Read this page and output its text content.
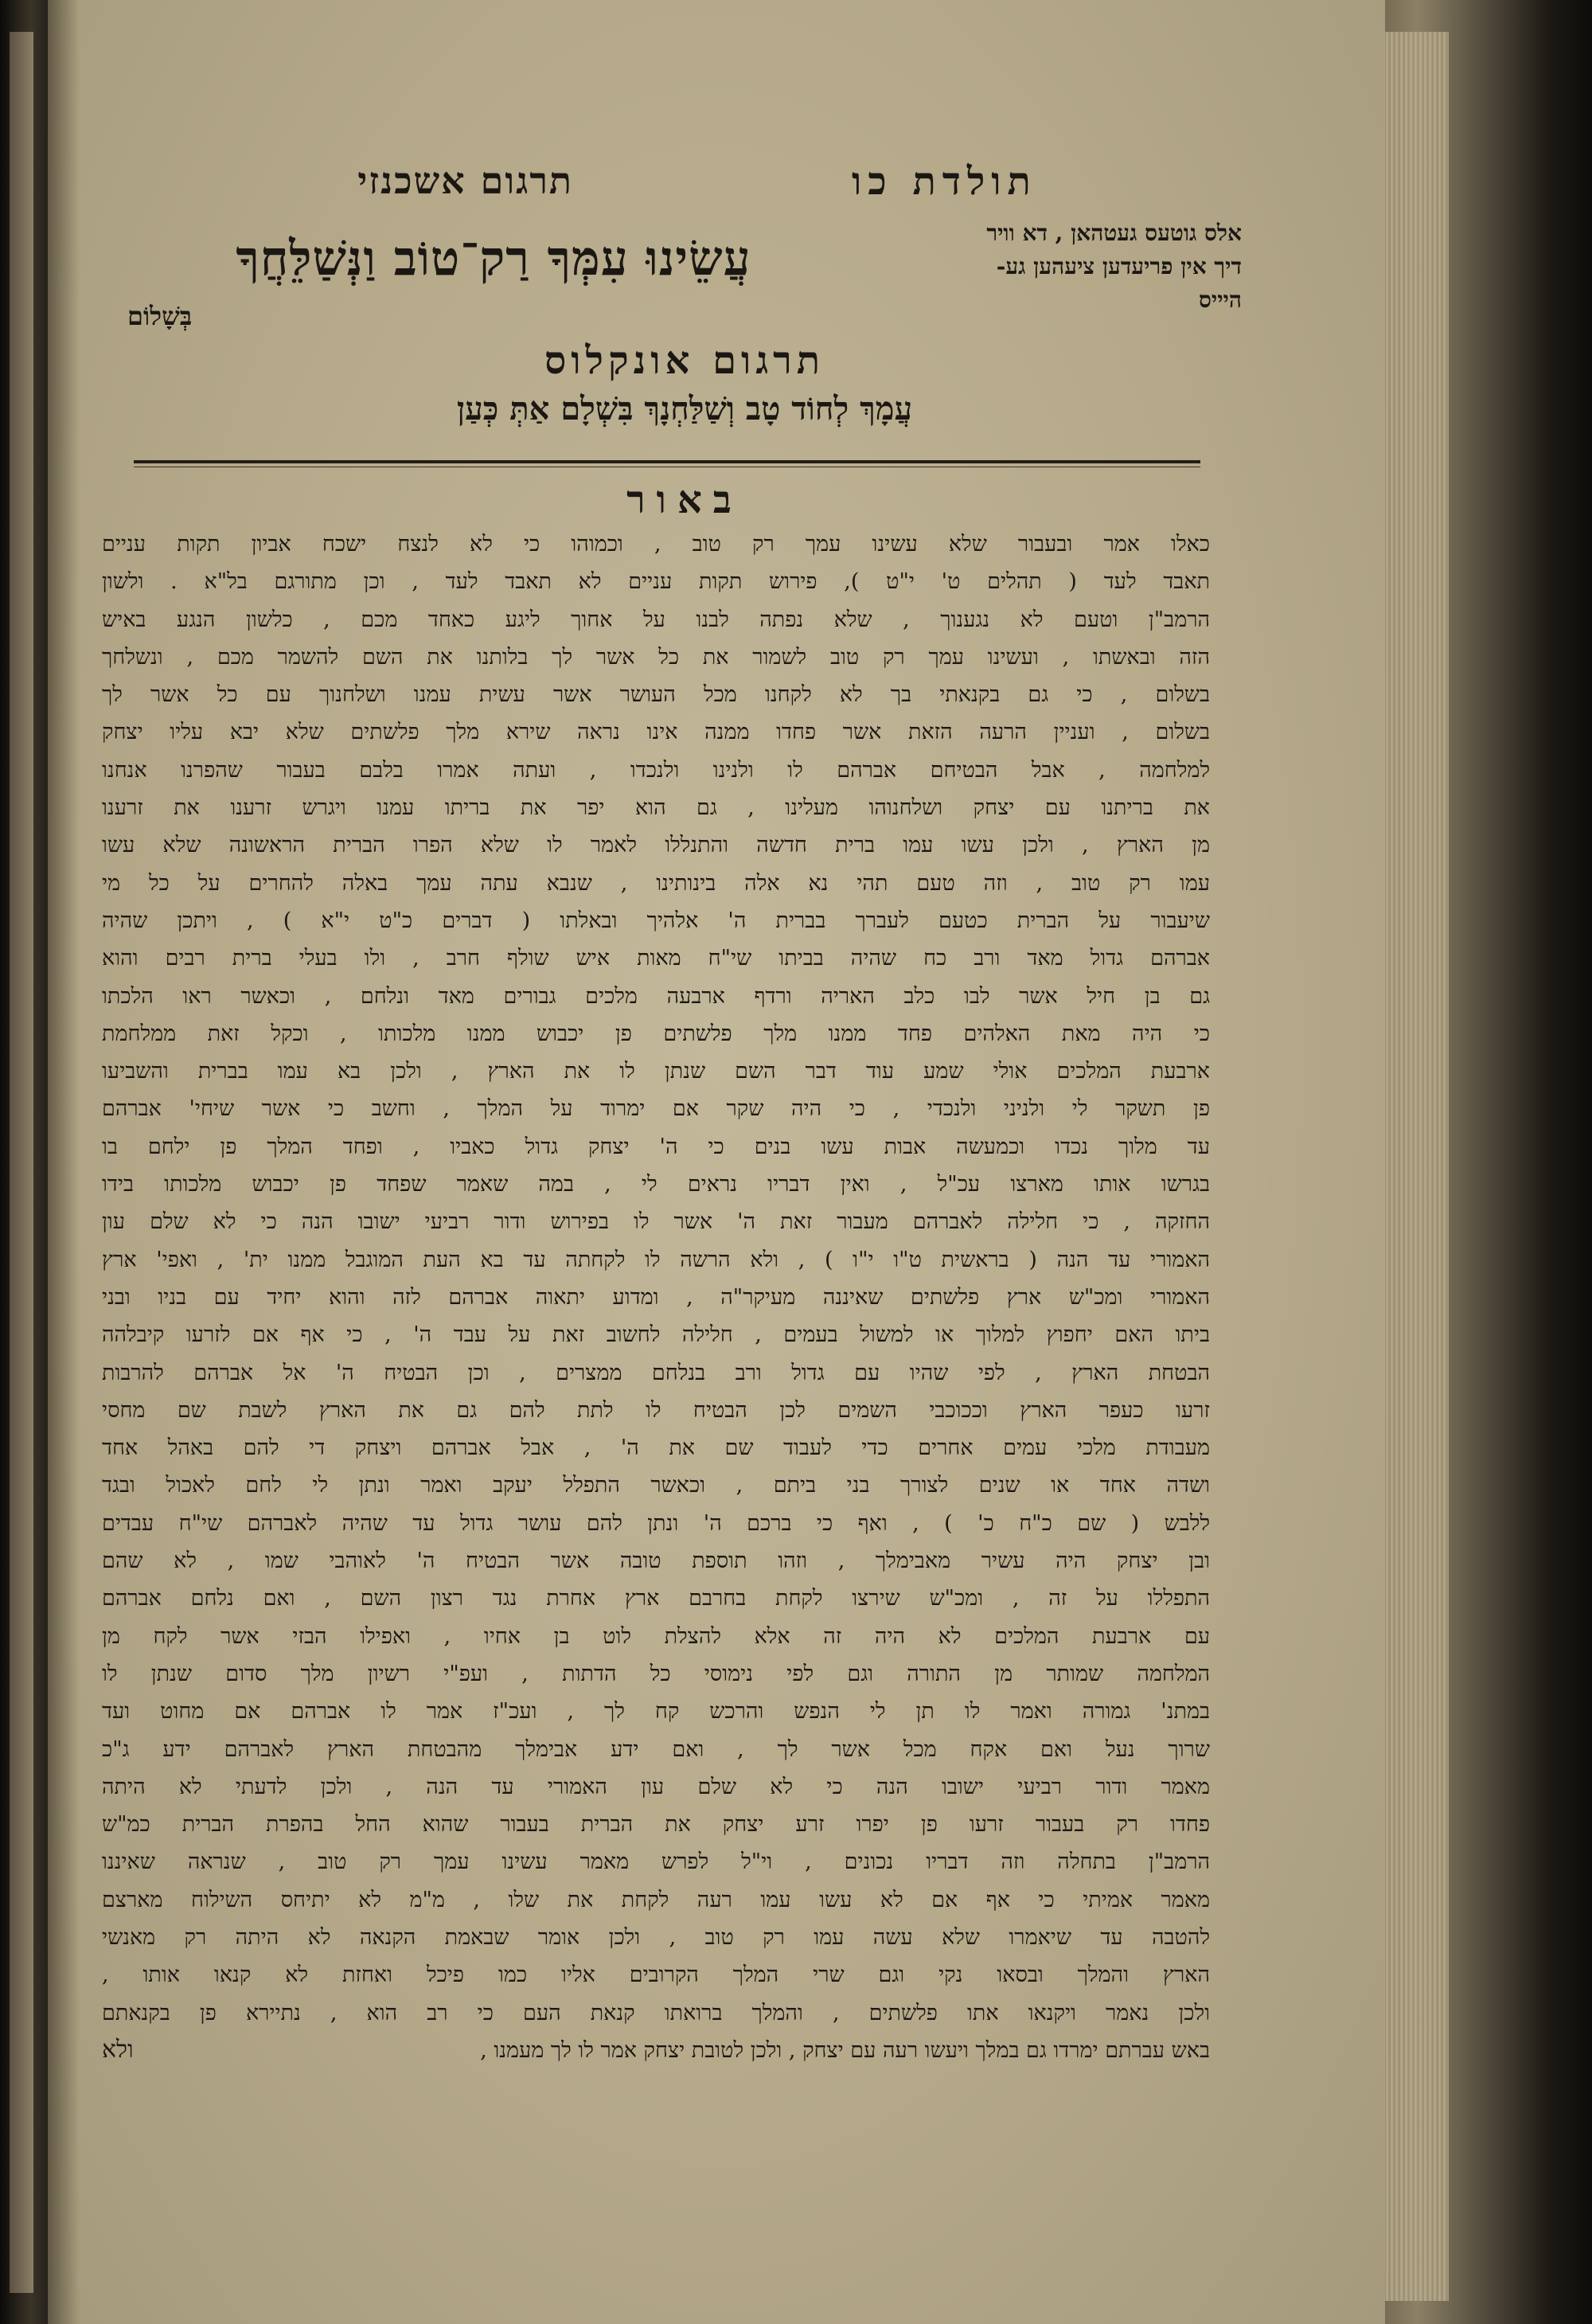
תולדת כו
תרגום אשכנזי
עֲשֵׂינוּ עִמְּךָ רַק־טוֹב וַנְּשַׁלֵּחֲךָ
בְּשָׁלוֹם
אלס גוטעס געטהאן , דא וויר
דיך אין פריעדען ציעהען גע-
היייס
תרגום אונקלוס
עֲמָךְ לְחוֹד טָב וְשַׁלַּחְנָךְ בִּשְׁלָם אַתְּ כְּעַן
באור
כאלו אמר ובעבור שלא עשינו עמך רק טוב , וכמוהו כי לא לנצח ישכח אביון תקות עניים
תאבד לעד ( תהלים ט' י"ט ), פירוש תקות עניים לא תאבד לעד , וכן מתורגם בל"א . ולשון
הרמב"ן וטעם לא נגענוך , שלא נפתה לבנו על אחוך ליגע כאחד מכם , כלשון הנגע באיש
הזה ובאשתו , ועשינו עמך רק טוב לשמור את כל אשר לך בלותנו את השם להשמר מכם , ונשלחך
בשלום , כי גם בקנאתי בך לא לקחנו מכל העושר אשר עשית עמנו ושלחנוך עם כל אשר לך
בשלום , ועניין הרעה הזאת אשר פחדו ממנה אינו נראה שירא מלך פלשתים שלא יבא עליו יצחק
למלחמה , אבל הבטיחם אברהם לו ולנינו ולנכדו , ועתה אמרו בלבם בעבור שהפרנו אנחנו
את בריתנו עם יצחק ושלחנוהו מעלינו , גם הוא יפר את בריתו עמנו ויגרש זרענו את זרענו
מן הארץ , ולכן עשו עמו ברית חדשה והתנללו לאמר לו שלא הפרו הברית הראשונה שלא עשו
עמו רק טוב , וזה טעם תהי נא אלה בינותינו , שנבא עתה עמך באלה להחרים על כל מי
שיעבור על הברית כטעם לעברך בברית ה' אלהיך ובאלתו ( דברים כ"ט י"א ) , ויתכן שהיה
אברהם גדול מאד ורב כח שהיה בביתו שי"ח מאות איש שולף חרב , ולו בעלי ברית רבים והוא
גם בן חיל אשר לבו כלב האריה ורדף ארבעה מלכים גבורים מאד ונלחם , וכאשר ראו הלכתו
כי היה מאת האלהים פחד ממנו מלך פלשתים פן יכבוש ממנו מלכותו , וכקל זאת ממלחמת
ארבעת המלכים אולי שמע עוד דבר השם שנתן לו את הארץ , ולכן בא עמו בברית והשביעו
פן תשקר לי ולניני ולנכדי , כי היה שקר אם ימרוד על המלך , וחשב כי אשר שיחי' אברהם
עד מלוך נכדו וכמעשה אבות עשו בנים כי ה' יצחק גדול כאביו , ופחד המלך פן ילחם בו
בגרשו אותו מארצו עכ"ל , ואין דבריו נראים לי , במה שאמר שפחד פן יכבוש מלכותו בידו
החזקה , כי חלילה לאברהם מעבור זאת ה' אשר לו בפירוש ודור רביעי ישובו הנה כי לא שלם עון
האמורי עד הנה ( בראשית ט"ו י"ו ) , ולא הרשה לו לקחתה עד בא העת המוגבל ממנו ית' , ואפי' ארץ
האמורי ומכ"ש ארץ פלשתים שאיננה מעיקר"ה , ומדוע יתאוה אברהם לזה והוא יחיד עם בניו ובני
ביתו האם יחפוץ למלוך או למשול בעמים , חלילה לחשוב זאת על עבד ה' , כי אף אם לזרעו קיבלהה
הבטחת הארץ , לפי שהיו עם גדול ורב בנלחם ממצרים , וכן הבטיח ה' אל אברהם להרבות
זרעו כעפר הארץ וככוכבי השמים לכן הבטיח לו לתת להם גם את הארץ לשבת שם מחסי
מעבודת מלכי עמים אחרים כדי לעבוד שם את ה' , אבל אברהם ויצחק די להם באהל אחד
ושדה אחד או שנים לצורך בני ביתם , וכאשר התפלל יעקב ואמר ונתן לי לחם לאכול ובגד
ללבש ( שם כ"ח כ' ) , ואף כי ברכם ה' ונתן להם עושר גדול עד שהיה לאברהם שי"ח עבדים
ובן יצחק היה עשיר מאבימלך , וזהו תוספת טובה אשר הבטיח ה' לאוהבי שמו , לא שהם
התפללו על זה , ומכ"ש שירצו לקחת בחרבם ארץ אחרת נגד רצון השם , ואם נלחם אברהם
עם ארבעת המלכים לא היה זה אלא להצלת לוט בן אחיו , ואפילו הבזי אשר לקח מן
המלחמה שמותר מן התורה וגם לפי נימוסי כל הדתות , ועפ"י רשיון מלך סדום שנתן לו
במתנ' גמורה ואמר לו תן לי הנפש והרכש קח לך , ועכ"ז אמר לו אברהם אם מחוט ועד
שרוך נעל ואם אקח מכל אשר לך , ואם ידע אבימלך מהבטחת הארץ לאברהם ידע ג"כ
מאמר ודור רביעי ישובו הנה כי לא שלם עון האמורי עד הנה , ולכן לדעתי לא היתה
פחדו רק בעבור זרעו פן יפרו זרע יצחק את הברית בעבור שהוא החל בהפרת הברית כמ"ש
הרמב"ן בתחלה וזה דבריו נכונים , וי"ל לפרש מאמר עשינו עמך רק טוב , שנראה שאיננו
מאמר אמיתי כי אף אם לא עשו עמו רעה לקחת את שלו , מ"מ לא יתיחס השילוח מארצם
להטבה עד שיאמרו שלא עשה עמו רק טוב , ולכן אומר שבאמת הקנאה לא היתה רק מאנשי
הארץ והמלך ובסאו נקי וגם שרי המלך הקרובים אליו כמו פיכל ואחזת לא קנאו אותו ,
ולכן נאמר ויקנאו אתו פלשתים , והמלך ברואתו קנאת העם כי רב הוא , נתיירא פן בקנאתם
באש עברתם ימרדו גם במלך ויעשו רעה עם יצחק , ולכן לטובת יצחק אמר לו לך מעמנו ,
ולא
